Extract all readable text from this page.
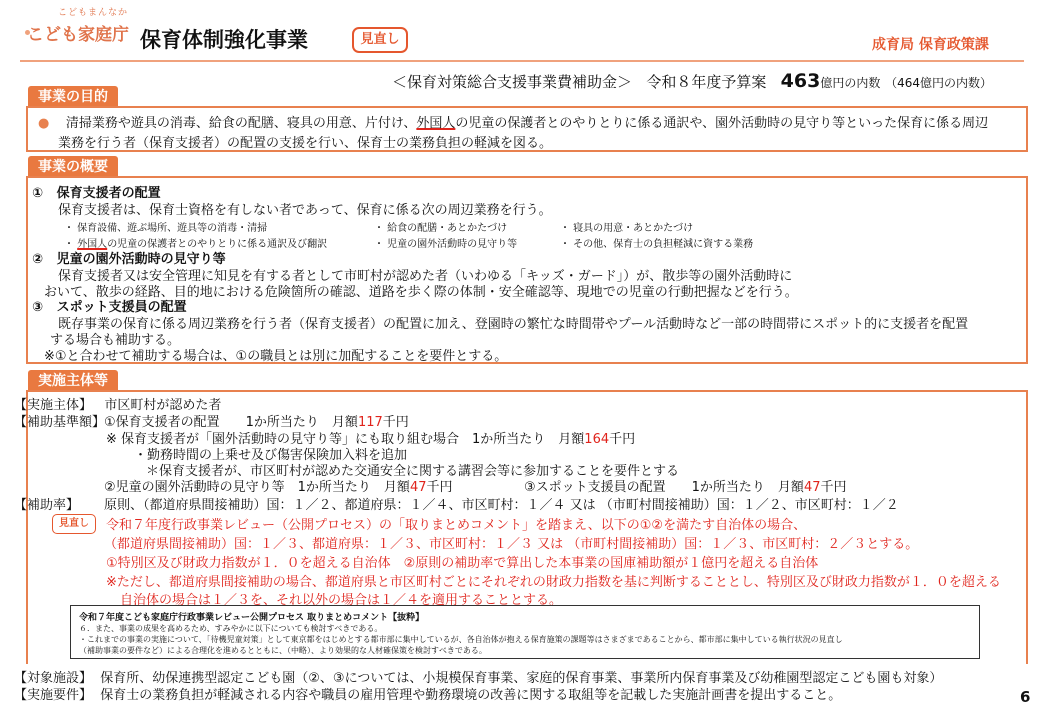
こどもまんなか
こども家庭庁 保育体制強化事業	見直し	成育局 保育政策課
＜保育対策総合支援事業費補助金＞ 令和８年度予算案 463億円の内数 （464億円の内数）
事業の目的
● 清掃業務や遊具の消毒、給食の配膳、寝具の用意、片付け、外国人の児童の保護者とのやりとりに係る通訳や、園外活動時の見守り等といった保育に係る周辺
業務を行う者（保育支援者）の配置の支援を行い、保育士の業務負担の軽減を図る。
事業の概要
① 保育支援者の配置
保育支援者は、保育士資格を有しない者であって、保育に係る次の周辺業務を行う。
・ 保育設備、遊ぶ場所、遊具等の消毒・清掃	・ 給食の配膳・あとかたづけ	・ 寝具の用意・あとかたづけ
・ 外国人の児童の保護者とのやりとりに係る通訳及び翻訳	・ 児童の園外活動時の見守り等	・ その他、保育士の負担軽減に資する業務
② 児童の園外活動時の見守り等
保育支援者又は安全管理に知見を有する者として市町村が認めた者（いわゆる「キッズ・ガード」）が、散歩等の園外活動時に
おいて、散歩の経路、目的地における危険箇所の確認、道路を歩く際の体制・安全確認等、現地での児童の行動把握などを行う。
③ スポット支援員の配置
既存事業の保育に係る周辺業務を行う者（保育支援者）の配置に加え、登園時の繁忙な時間帯やプール活動時など一部の時間帯にスポット的に支援者を配置
する場合も補助する。
※①と合わせて補助する場合は、①の職員とは別に加配することを要件とする。
実施主体等
【実施主体】 市区町村が認めた者
【補助基準額】
①保育支援者の配置　　1か所当たり　月額117千円
※ 保育支援者が「園外活動時の見守り等」にも取り組む場合　1か所当たり　月額164千円
・勤務時間の上乗せ及び傷害保険加入料を追加
＊保育支援者が、市区町村が認めた交通安全に関する講習会等に参加することを要件とする
②児童の園外活動時の見守り等　1か所当たり　月額47千円	③スポット支援員の配置　　1か所当たり　月額47千円
【補助率】 原則、（都道府県間接補助）国：１／２、都道府県：１／４、市区町村：１／４ 又は （市町村間接補助）国：１／２、市区町村：１／２
見直し	令和７年度行政事業レビュー（公開プロセス）の「取りまとめコメント」を踏まえ、以下の①②を満たす自治体の場合、
（都道府県間接補助）国：１／３、都道府県：１／３、市区町村：１／３ 又は （市町村間接補助）国：１／３、市区町村：２／３とする。
①特別区及び財政力指数が１．０を超える自治体　②原則の補助率で算出した本事業の国庫補助額が１億円を超える自治体
※ただし、都道府県間接補助の場合、都道府県と市区町村ごとにそれぞれの財政力指数を基に判断することとし、特別区及び財政力指数が１．０を超える
自治体の場合は１／３を、それ以外の場合は１／４を適用することとする。
令和７年度こども家庭庁行政事業レビュー公開プロセス 取りまとめコメント【抜粋】
６．また、事業の成果を高めるため、すみやかに以下についても検討すべきである。
・これまでの事業の実施について、「待機児童対策」として東京都をはじめとする都市部に集中しているが、各自治体が抱える保育施策の課題等はさまざまであることから、都市部に集中している執行状況の見直し
（補助事業の要件など）による合理化を進めるとともに、（中略）、より効果的な人材確保策を検討すべきである。
【対象施設】 保育所、幼保連携型認定こども園（②、③については、小規模保育事業、家庭的保育事業、事業所内保育事業及び幼稚園型認定こども園も対象）
【実施要件】 保育士の業務負担が軽減される内容や職員の雇用管理や勤務環境の改善に関する取組等を記載した実施計画書を提出すること。	6
